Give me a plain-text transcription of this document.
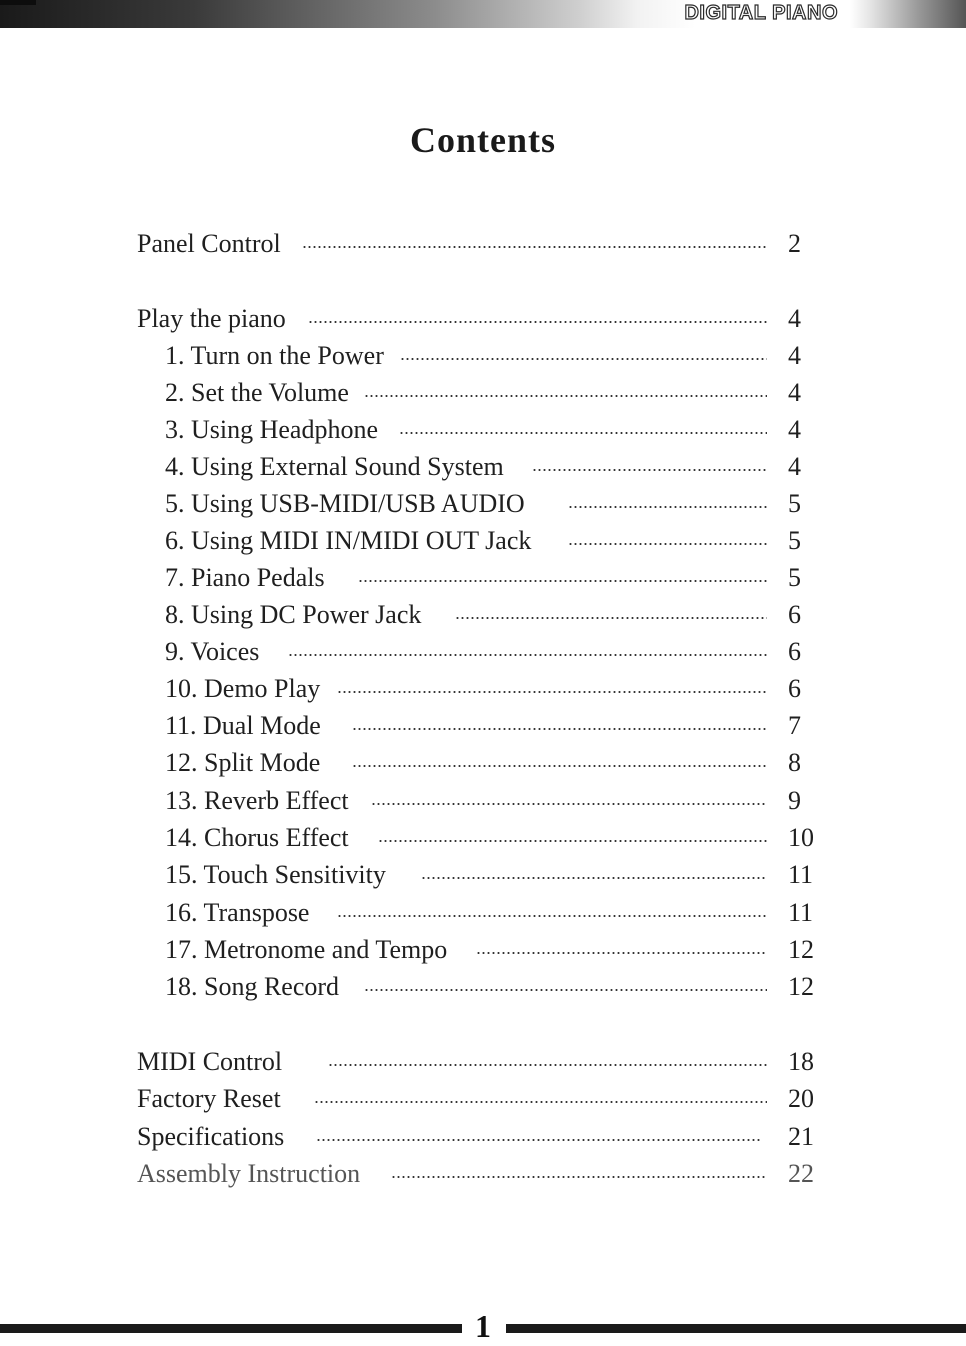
DIGITAL PIANO
Contents
Panel Control	2
Play the piano	4
1. Turn on the Power	4
2. Set the Volume	4
3. Using Headphone	4
4. Using External Sound System	4
5. Using USB-MIDI/USB AUDIO	5
6. Using MIDI IN/MIDI OUT Jack	5
7. Piano Pedals	5
8. Using DC Power Jack	6
9. Voices	6
10. Demo Play	6
11. Dual Mode	7
12. Split Mode	8
13. Reverb Effect	9
14. Chorus Effect	10
15. Touch Sensitivity	11
16. Transpose	11
17. Metronome and Tempo	12
18. Song Record	12
MIDI Control	18
Factory Reset	20
Specifications	21
Assembly Instruction	22
1
